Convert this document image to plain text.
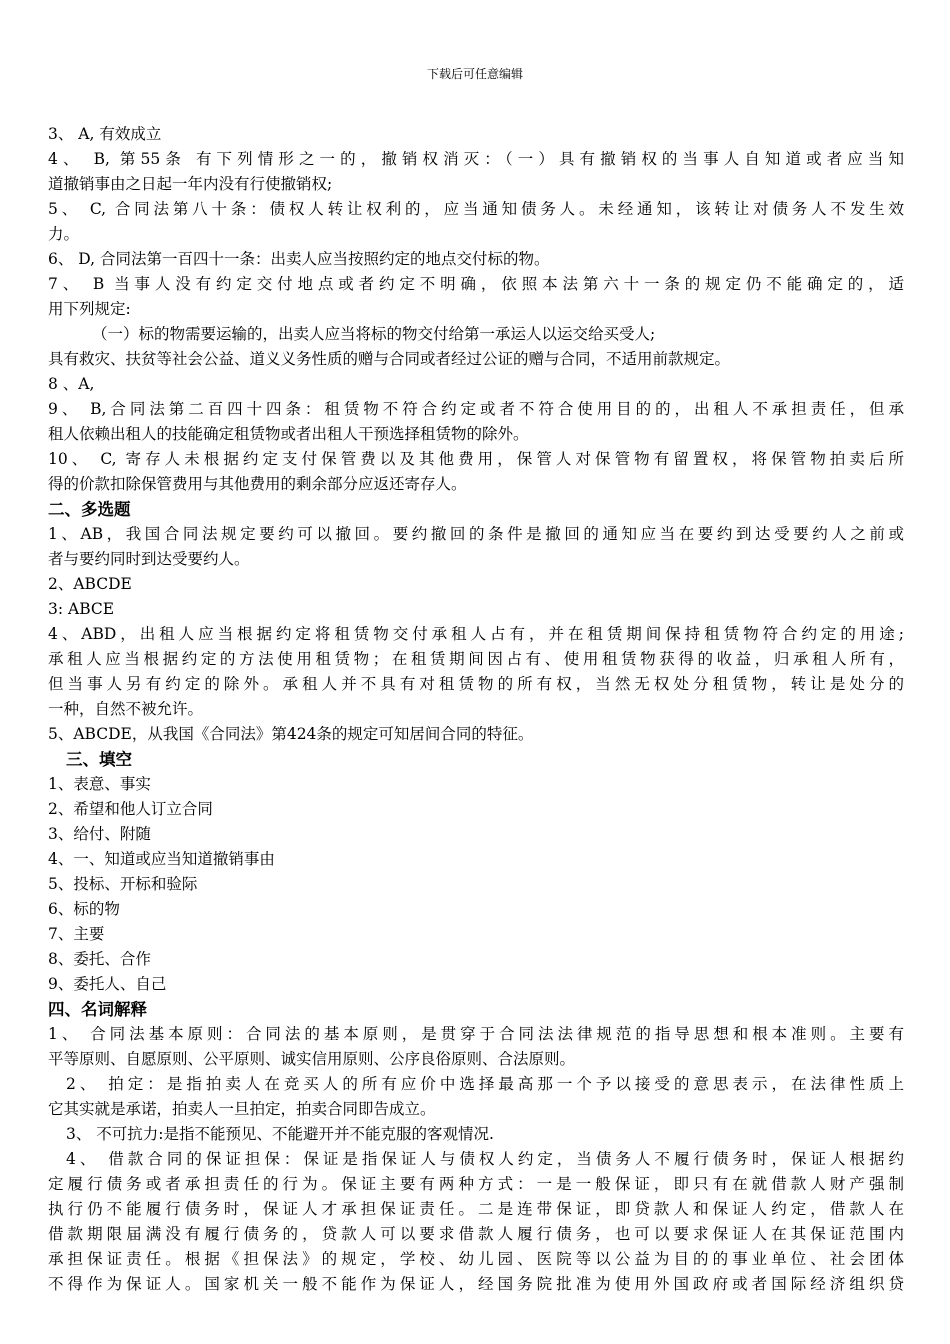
下载后可任意编辑
3、 A, 有效成立
4、 B, 第55条 有下列情形之一的，撤销权消灭：（一）具有撤销权的当事人自知道或者应当知
道撤销事由之日起一年内没有行使撤销权;
5、 C, 合同法第八十条：债权人转让权利的，应当通知债务人。未经通知，该转让对债务人不发生效
力。
6、 D, 合同法第一百四十一条：出卖人应当按照约定的地点交付标的物。
7、 B 当事人没有约定交付地点或者约定不明确，依照本法第六十一条的规定仍不能确定的，适
用下列规定:
（一）标的物需要运输的，出卖人应当将标的物交付给第一承运人以运交给买受人;
具有救灾、扶贫等社会公益、道义义务性质的赠与合同或者经过公证的赠与合同，不适用前款规定。
8 、A,
9、 B,合同法第二百四十四条：租赁物不符合约定或者不符合使用目的的，出租人不承担责任，但承
租人依赖出租人的技能确定租赁物或者出租人干预选择租赁物的除外。
10、 C, 寄存人未根据约定支付保管费以及其他费用，保管人对保管物有留置权，将保管物拍卖后所
得的价款扣除保管费用与其他费用的剩余部分应返还寄存人。
二、多选题
1、AB，我国合同法规定要约可以撤回。要约撤回的条件是撤回的通知应当在要约到达受要约人之前或
者与要约同时到达受要约人。
2、ABCDE
3: ABCE
4、ABD，出租人应当根据约定将租赁物交付承租人占有，并在租赁期间保持租赁物符合约定的用途;
承租人应当根据约定的方法使用租赁物；在租赁期间因占有、使用租赁物获得的收益，归承租人所有，
但当事人另有约定的除外。承租人并不具有对租赁物的所有权，当然无权处分租赁物，转让是处分的
一种，自然不被允许。
5、ABCDE，从我国《合同法》第424条的规定可知居间合同的特征。
三、填空
1、表意、事实
2、希望和他人订立合同
3、给付、附随
4、一、知道或应当知道撤销事由
5、投标、开标和验际
6、标的物
7、主要
8、委托、合作
9、委托人、自己
四、名词解释
1、 合同法基本原则：合同法的基本原则，是贯穿于合同法法律规范的指导思想和根本准则。主要有
平等原则、自愿原则、公平原则、诚实信用原则、公序良俗原则、合法原则。
2、 拍定：是指拍卖人在竞买人的所有应价中选择最高那一个予以接受的意思表示，在法律性质上
它其实就是承诺，拍卖人一旦拍定，拍卖合同即告成立。
3、 不可抗力:是指不能预见、不能避开并不能克服的客观情况.
4、 借款合同的保证担保：保证是指保证人与债权人约定，当债务人不履行债务时，保证人根据约
定履行债务或者承担责任的行为。保证主要有两种方式：一是一般保证，即只有在就借款人财产强制
执行仍不能履行债务时，保证人才承担保证责任。二是连带保证，即贷款人和保证人约定，借款人在
借款期限届满没有履行债务的，贷款人可以要求借款人履行债务，也可以要求保证人在其保证范围内
承担保证责任。根据《担保法》的规定，学校、幼儿园、医院等以公益为目的的事业单位、社会团体
不得作为保证人。国家机关一般不能作为保证人，经国务院批准为使用外国政府或者国际经济组织贷
